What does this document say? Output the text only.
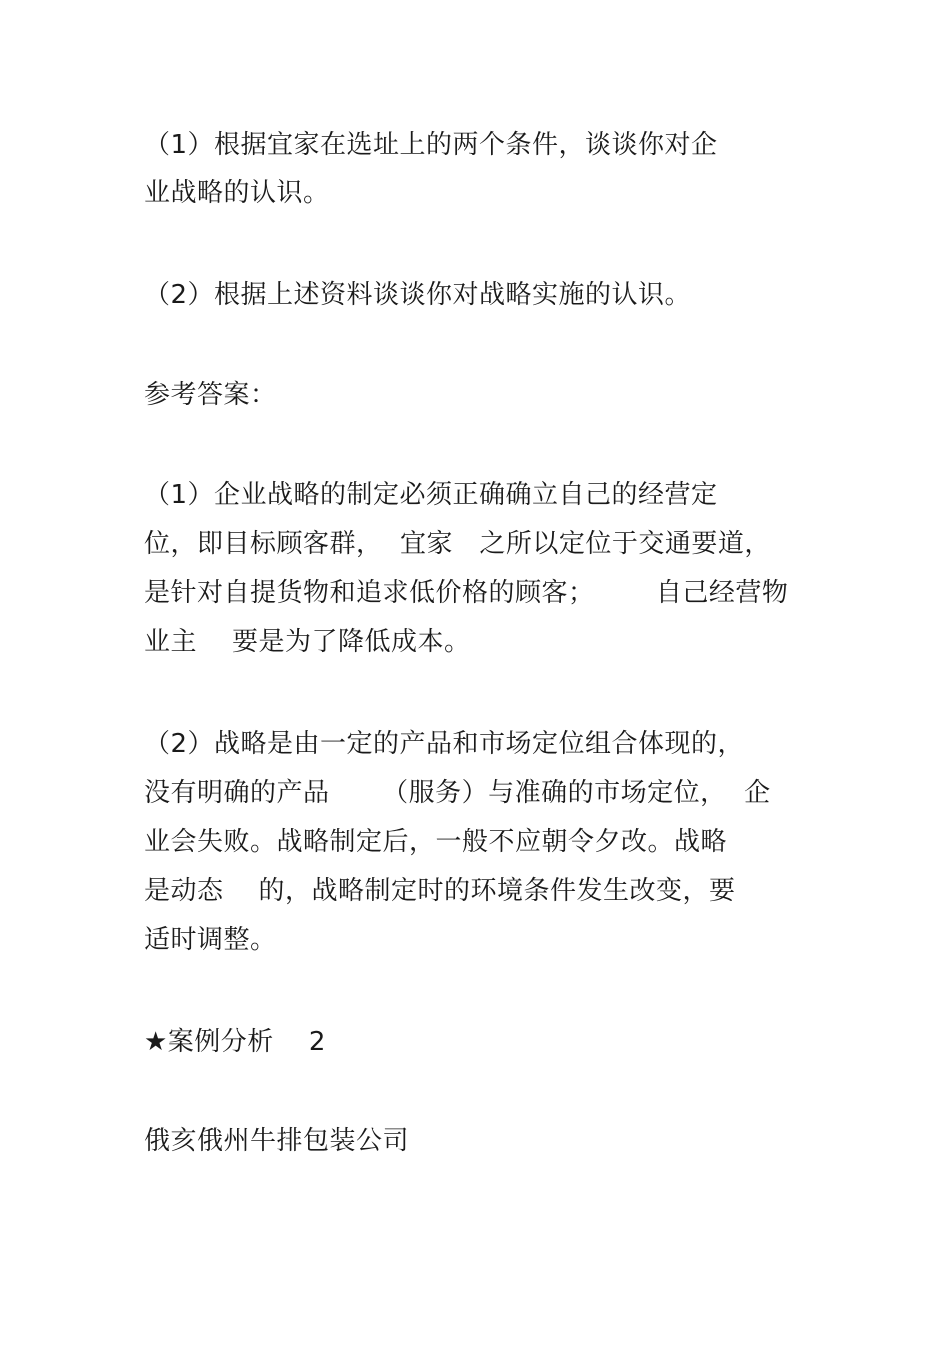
（1）根据宜家在选址上的两个条件，谈谈你对企
业战略的认识。
（2）根据上述资料谈谈你对战略实施的认识。
参考答案：
（1）企业战略的制定必须正确确立自己的经营定
位，即目标顾客群，  宜家   之所以定位于交通要道，
是针对自提货物和追求低价格的顾客；       自己经营物
业主    要是为了降低成本。
（2）战略是由一定的产品和市场定位组合体现的，
没有明确的产品      （服务）与准确的市场定位，  企
业会失败。战略制定后，一般不应朝令夕改。战略
是动态    的，战略制定时的环境条件发生改变，要
适时调整。
★案例分析    2
俄亥俄州牛排包装公司
